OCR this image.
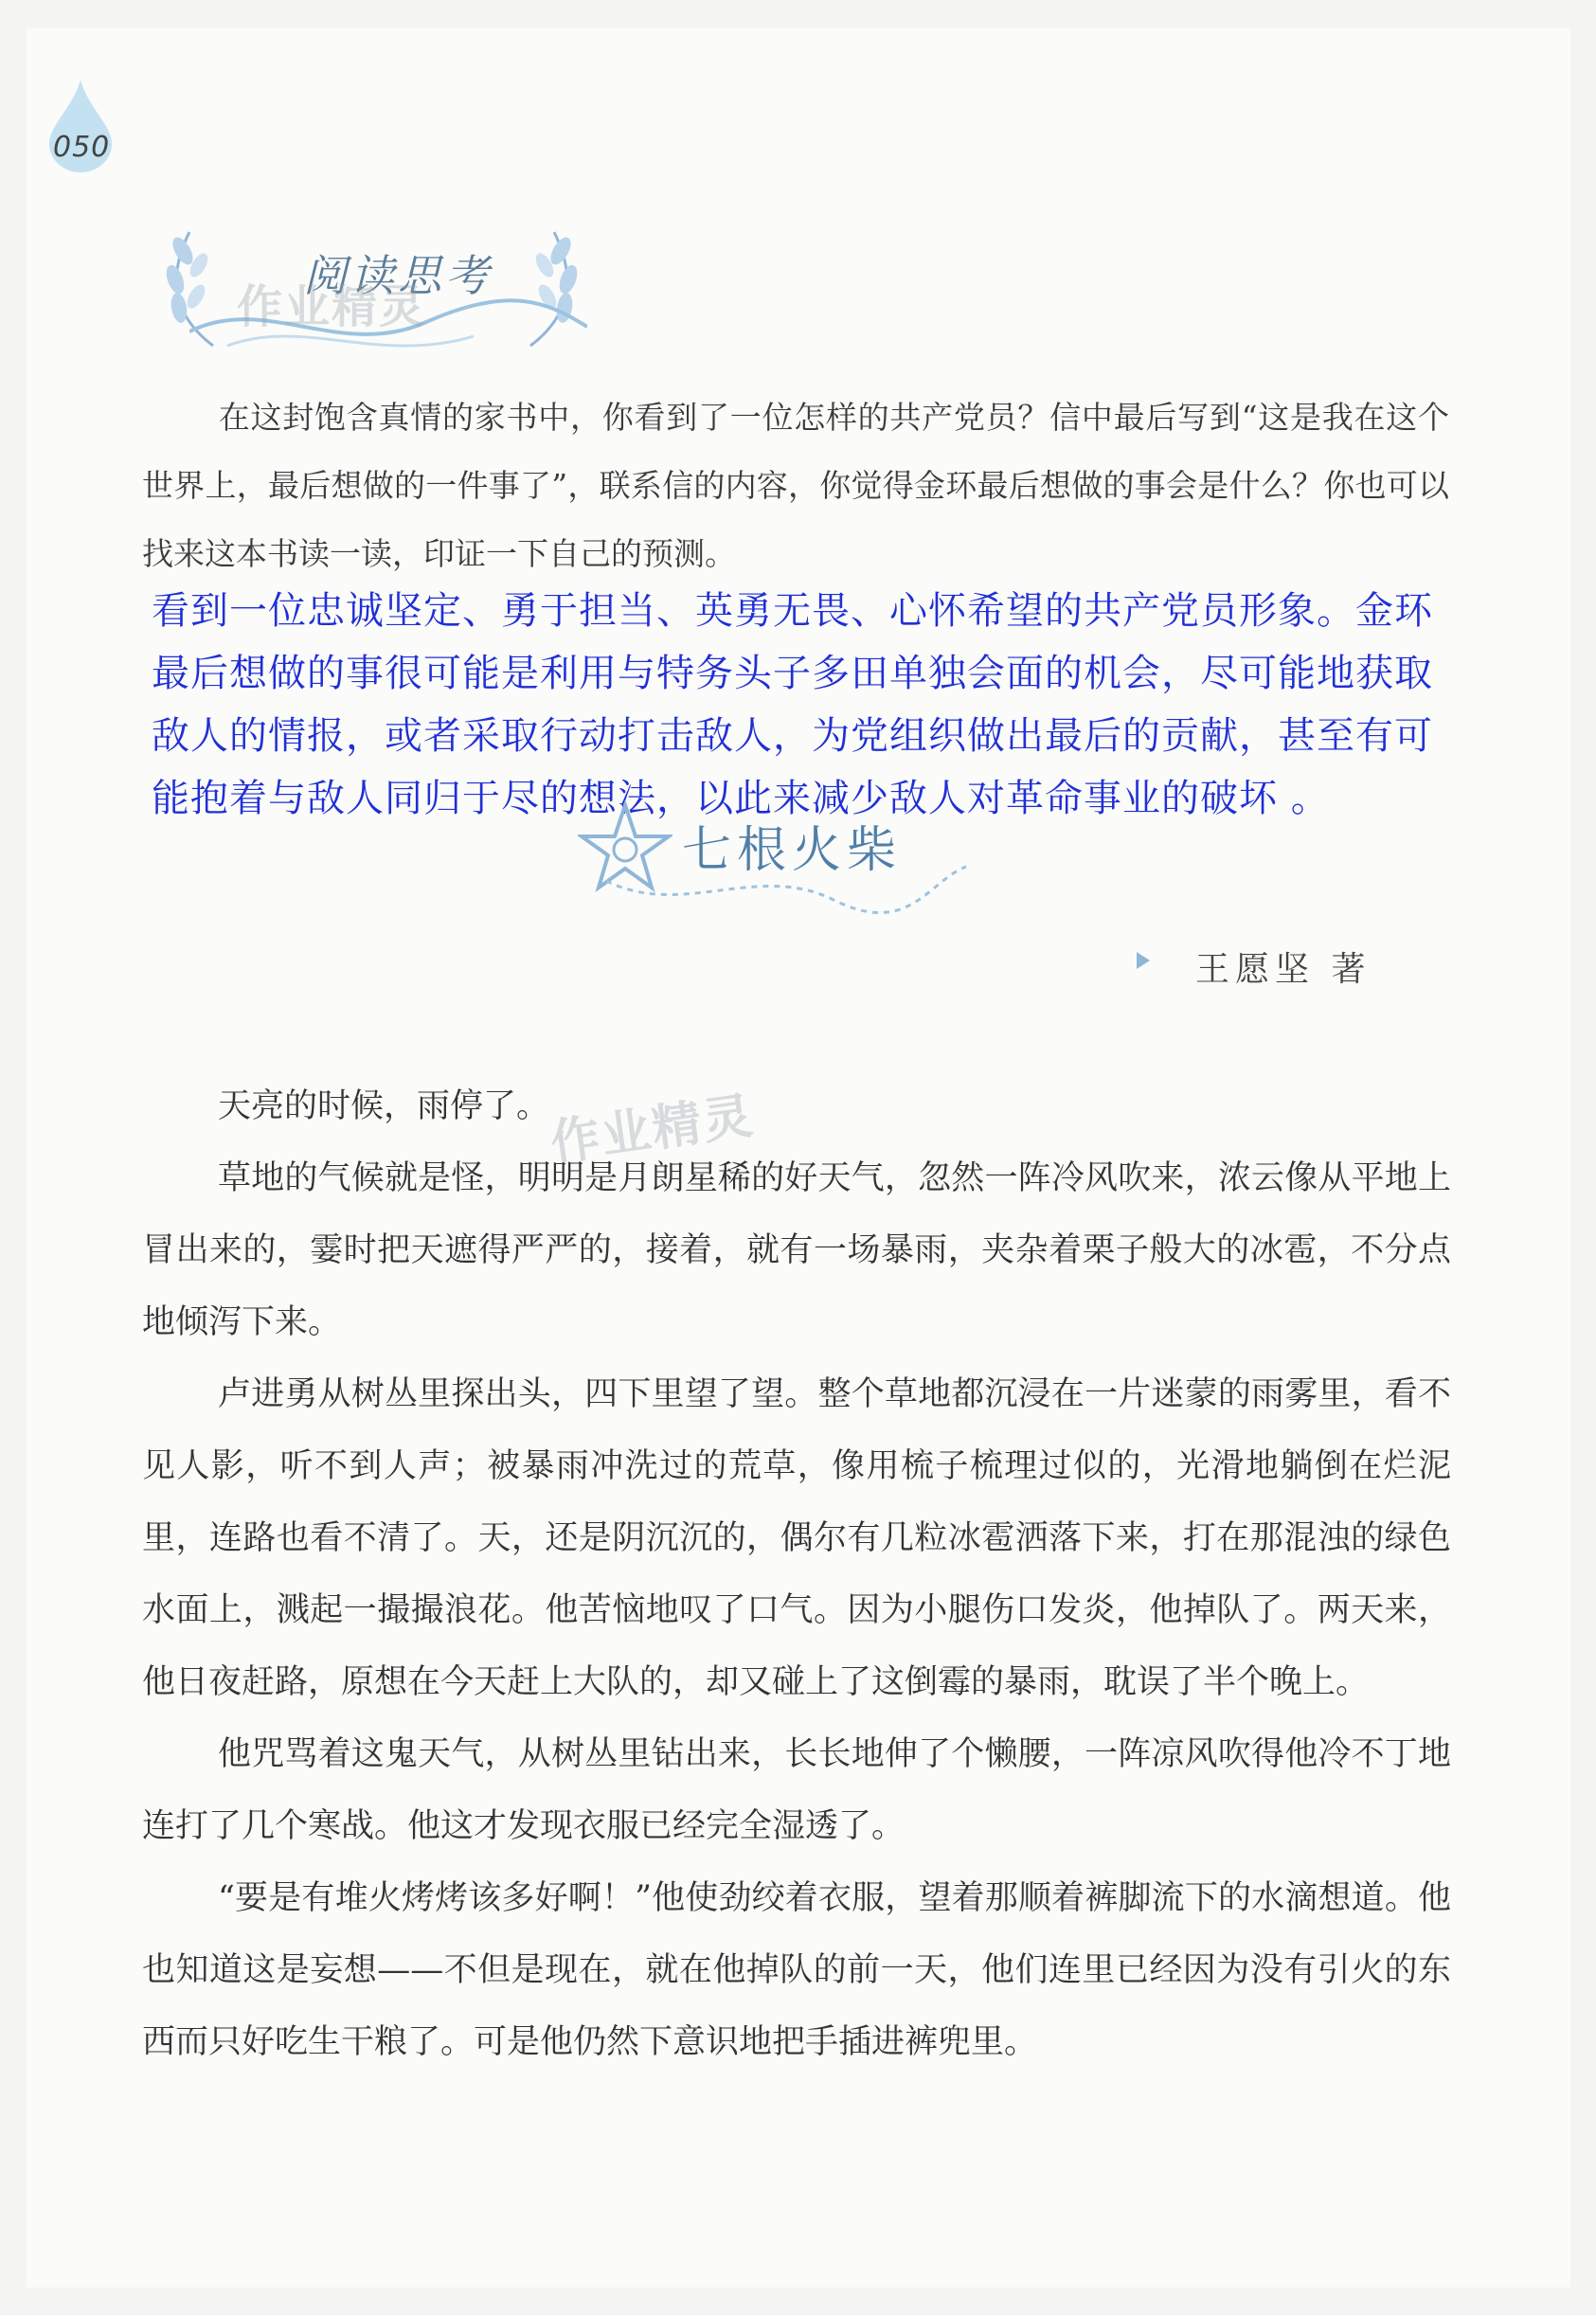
050
阅读思考
作业精灵
在这封饱含真情的家书中，你看到了一位怎样的共产党员？信中最后写到“这是我在这个世界上，最后想做的一件事了”，联系信的内容，你觉得金环最后想做的事会是什么？你也可以找来这本书读一读，印证一下自己的预测。
看到一位忠诚坚定、勇于担当、英勇无畏、心怀希望的共产党员形象。金环最后想做的事很可能是利用与特务头子多田单独会面的机会，尽可能地获取敌人的情报，或者采取行动打击敌人，为党组织做出最后的贡献，甚至有可能抱着与敌人同归于尽的想法，以此来减少敌人对革命事业的破坏 。
七根火柴
王愿坚 著

天亮的时候，雨停了。

草地的气候就是怪，明明是月朗星稀的好天气，忽然一阵冷风吹来，浓云像从平地上冒出来的，霎时把天遮得严严的，接着，就有一场暴雨，夹杂着栗子般大的冰雹，不分点地倾泻下来。

卢进勇从树丛里探出头，四下里望了望。整个草地都沉浸在一片迷蒙的雨雾里，看不见人影，听不到人声；被暴雨冲洗过的荒草，像用梳子梳理过似的，光滑地躺倒在烂泥里，连路也看不清了。天，还是阴沉沉的，偶尔有几粒冰雹洒落下来，打在那混浊的绿色水面上，溅起一撮撮浪花。他苦恼地叹了口气。因为小腿伤口发炎，他掉队了。两天来，他日夜赶路，原想在今天赶上大队的，却又碰上了这倒霉的暴雨，耽误了半个晚上。

他咒骂着这鬼天气，从树丛里钻出来，长长地伸了个懒腰，一阵凉风吹得他冷不丁地连打了几个寒战。他这才发现衣服已经完全湿透了。

“要是有堆火烤烤该多好啊！”他使劲绞着衣服，望着那顺着裤脚流下的水滴想道。他也知道这是妄想——不但是现在，就在他掉队的前一天，他们连里已经因为没有引火的东西而只好吃生干粮了。可是他仍然下意识地把手插进裤兜里。

作业精灵
